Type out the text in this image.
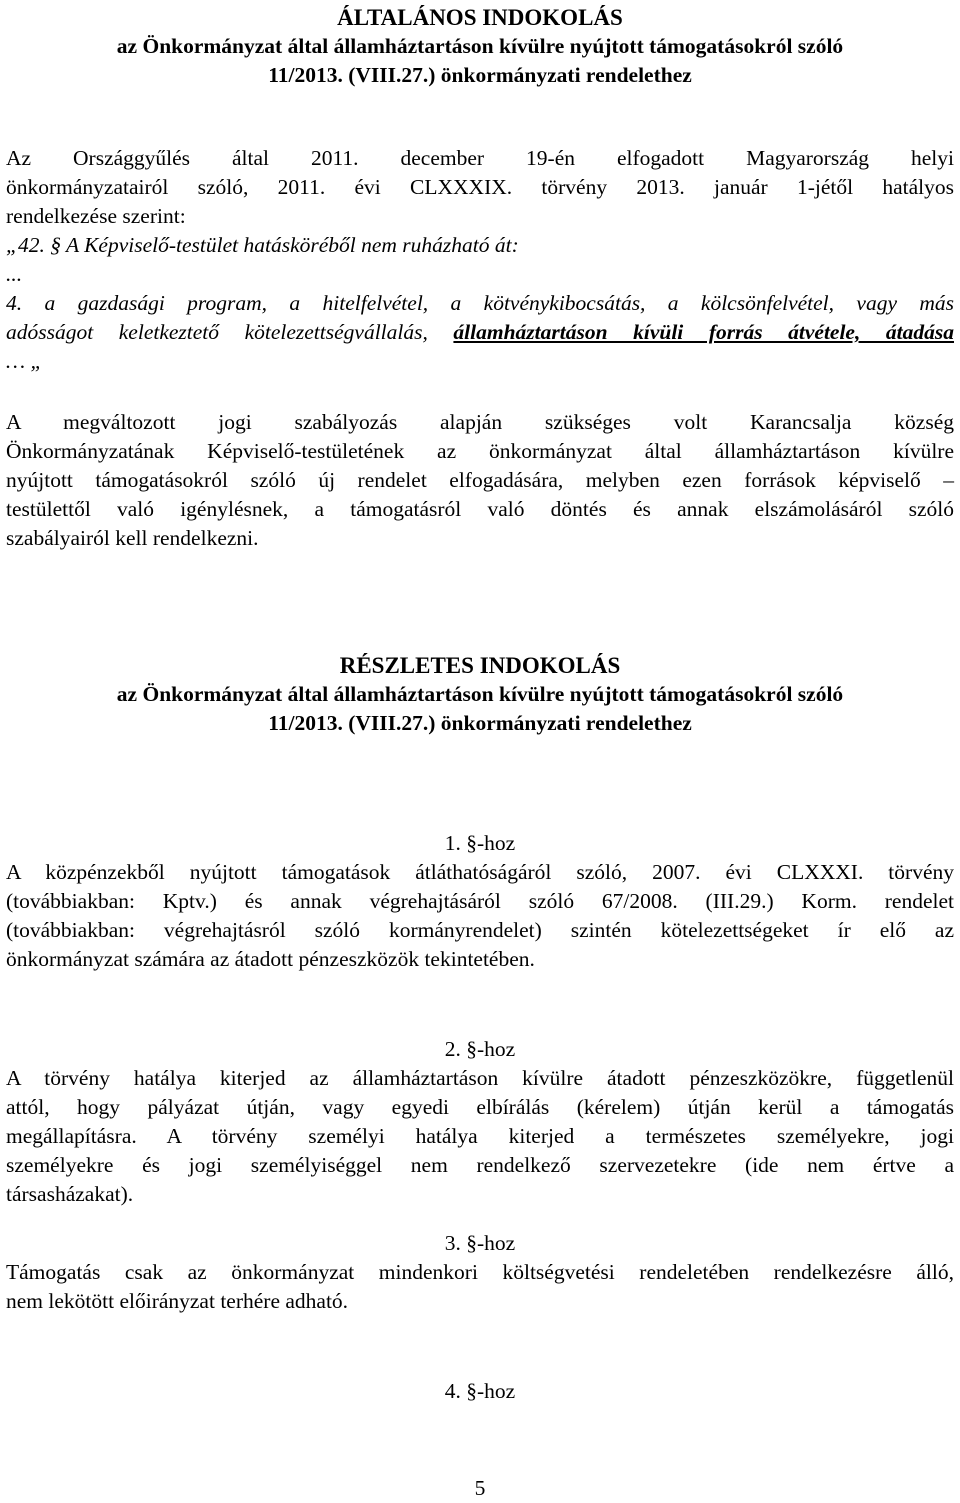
ÁLTALÁNOS INDOKOLÁS

az Önkormányzat által államháztartáson kívülre nyújtott támogatásokról szóló

11/2013. (VIII.27.) önkormányzati rendelethez

Az Országgyűlés által 2011. december 19-én elfogadott Magyarország helyi

önkormányzatairól szóló, 2011. évi CLXXXIX. törvény 2013. január 1-jétől hatályos

rendelkezése szerint:

„42. § A Képviselő-testület hatásköréből nem ruházható át:

...

4. a gazdasági program, a hitelfelvétel, a kötvénykibocsátás, a kölcsönfelvétel, vagy más

adósságot keletkeztető kötelezettségvállalás, államháztartáson kívüli forrás átvétele, átadása

… „

A megváltozott jogi szabályozás alapján szükséges volt Karancsalja község

Önkormányzatának Képviselő-testületének az önkormányzat által államháztartáson kívülre

nyújtott támogatásokról szóló új rendelet elfogadására, melyben ezen források képviselő –

testülettől való igénylésnek, a támogatásról való döntés és annak elszámolásáról szóló

szabályairól kell rendelkezni.

RÉSZLETES INDOKOLÁS

az Önkormányzat által államháztartáson kívülre nyújtott támogatásokról szóló

11/2013. (VIII.27.) önkormányzati rendelethez

1. §-hoz

A közpénzekből nyújtott támogatások átláthatóságáról szóló, 2007. évi CLXXXI. törvény

(továbbiakban: Kptv.) és annak végrehajtásáról szóló 67/2008. (III.29.) Korm. rendelet

(továbbiakban: végrehajtásról szóló kormányrendelet) szintén kötelezettségeket ír elő az

önkormányzat számára az átadott pénzeszközök tekintetében.

2. §-hoz

A törvény hatálya kiterjed az államháztartáson kívülre átadott pénzeszközökre, függetlenül

attól, hogy pályázat útján, vagy egyedi elbírálás (kérelem) útján kerül a támogatás

megállapításra. A törvény személyi hatálya kiterjed a természetes személyekre, jogi

személyekre és jogi személyiséggel nem rendelkező szervezetekre (ide nem értve a

társasházakat).

3. §-hoz

Támogatás csak az önkormányzat mindenkori költségvetési rendeletében rendelkezésre álló,

nem lekötött előirányzat terhére adható.

4. §-hoz

5
